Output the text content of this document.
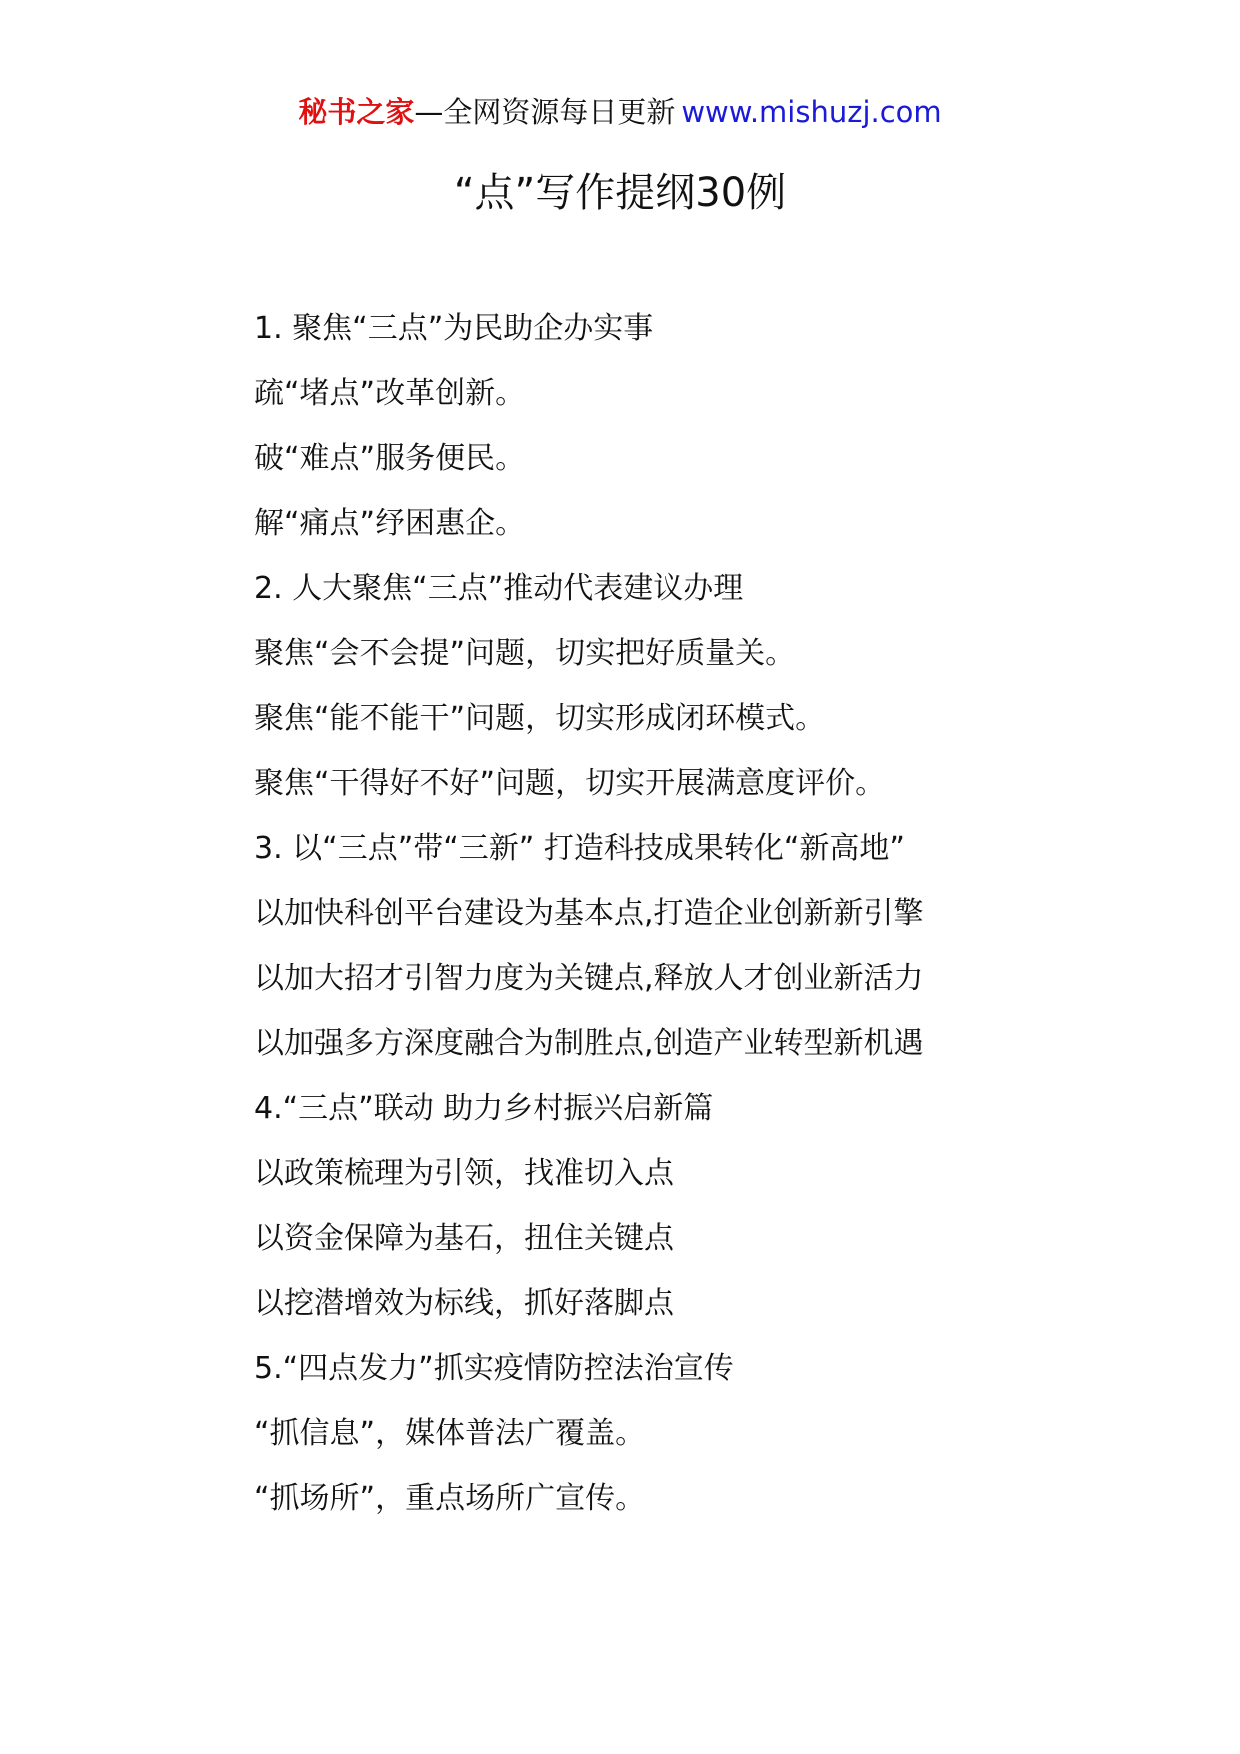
秘书之家—全网资源每日更新 www.mishuzj.com
“点”写作提纲30例
1. 聚焦“三点”为民助企办实事
疏“堵点”改革创新。
破“难点”服务便民。
解“痛点”纾困惠企。
2. 人大聚焦“三点”推动代表建议办理
聚焦“会不会提”问题，切实把好质量关。
聚焦“能不能干”问题，切实形成闭环模式。
聚焦“干得好不好”问题，切实开展满意度评价。
3. 以“三点”带“三新” 打造科技成果转化“新高地”
以加快科创平台建设为基本点,打造企业创新新引擎
以加大招才引智力度为关键点,释放人才创业新活力
以加强多方深度融合为制胜点,创造产业转型新机遇
4.“三点”联动 助力乡村振兴启新篇
以政策梳理为引领，找准切入点
以资金保障为基石，扭住关键点
以挖潜增效为标线，抓好落脚点
5.“四点发力”抓实疫情防控法治宣传
“抓信息”，媒体普法广覆盖。
“抓场所”，重点场所广宣传。
